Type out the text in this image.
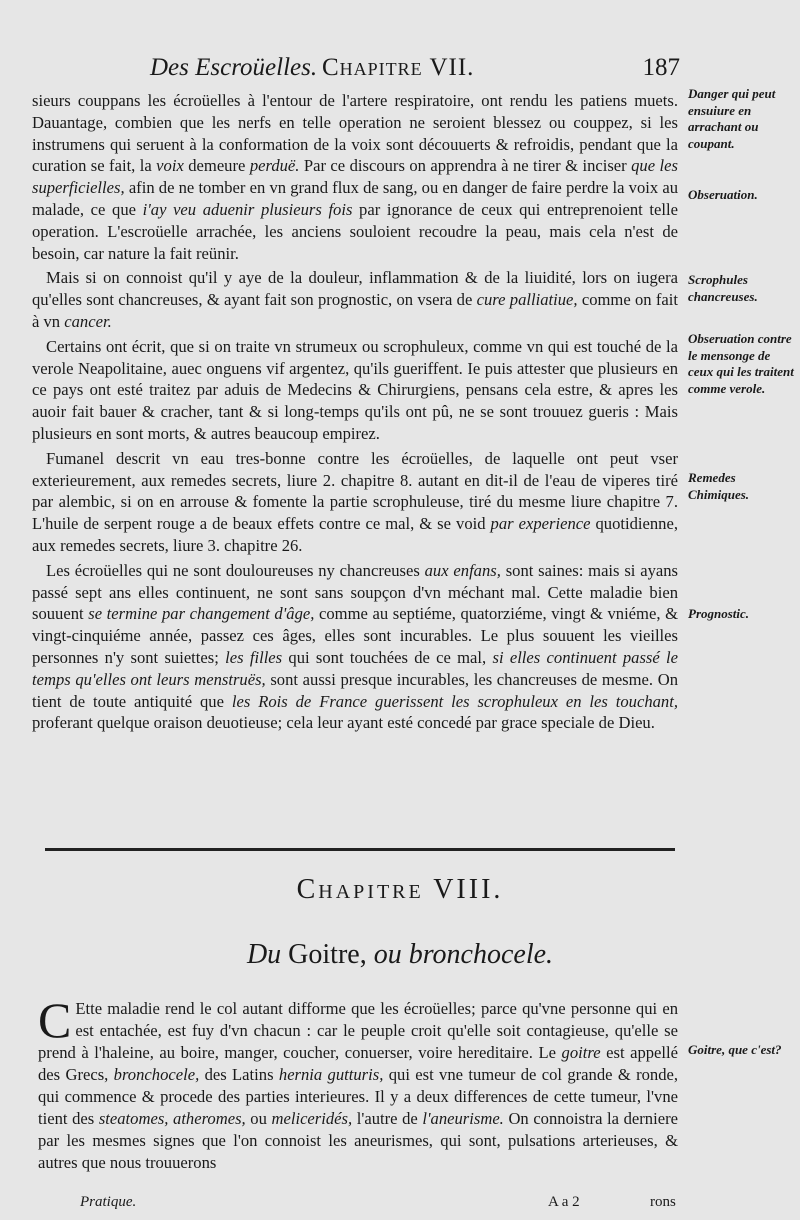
Des Escroüelles. Chapitre VII.	187

sieurs couppans les écroüelles à l'entour de l'artere respiratoire, ont rendu les patiens muets. Dauantage, combien que les nerfs en telle operation ne seroient blessez ou couppez, si les instrumens qui seruent à la conformation de la voix sont découuerts & refroidis, pendant que la curation se fait, la voix demeure perduë. Par ce discours on apprendra à ne tirer & inciser que les superficielles, afin de ne tomber en vn grand flux de sang, ou en danger de faire perdre la voix au malade, ce que i'ay veu aduenir plusieurs fois par ignorance de ceux qui entreprenoient telle operation. L'escroüelle arrachée, les anciens souloient recoudre la peau, mais cela n'est de besoin, car nature la fait reünir.

Mais si on connoist qu'il y aye de la douleur, inflammation & de la liuidité, lors on iugera qu'elles sont chancreuses, & ayant fait son prognostic, on vsera de cure palliatiue, comme on fait à vn cancer.

Certains ont écrit, que si on traite vn strumeux ou scrophuleux, comme vn qui est touché de la verole Neapolitaine, auec onguens vif argentez, qu'ils gueriffent. Ie puis attester que plusieurs en ce pays ont esté traitez par aduis de Medecins & Chirurgiens, pensans cela estre, & apres les auoir fait bauer & cracher, tant & si long-temps qu'ils ont pû, ne se sont trouuez gueris : Mais plusieurs en sont morts, & autres beaucoup empirez.

Fumanel descrit vn eau tres-bonne contre les écroüelles, de laquelle ont peut vser exterieurement, aux remedes secrets, liure 2. chapitre 8. autant en dit-il de l'eau de viperes tiré par alembic, si on en arrouse & fomente la partie scrophuleuse, tiré du mesme liure chapitre 7. L'huile de serpent rouge a de beaux effets contre ce mal, & se void par experience quotidienne, aux remedes secrets, liure 3. chapitre 26.

Les écroüelles qui ne sont douloureuses ny chancreuses aux enfans, sont saines: mais si ayans passé sept ans elles continuent, ne sont sans soupçon d'vn méchant mal. Cette maladie bien souuent se termine par changement d'âge, comme au septiéme, quatorziéme, vingt & vniéme, & vingt-cinquiéme année, passez ces âges, elles sont incurables. Le plus souuent les vieilles personnes n'y sont suiettes; les filles qui sont touchées de ce mal, si elles continuent passé le temps qu'elles ont leurs menstruës, sont aussi presque incurables, les chancreuses de mesme. On tient de toute antiquité que les Rois de France guerissent les scrophuleux en les touchant, proferant quelque oraison deuotieuse; cela leur ayant esté concedé par grace speciale de Dieu.

Danger qui peut ensuiure en arrachant ou coupant.
Obseruation.
Scrophules chancreuses.
Obseruation contre le mensonge de ceux qui les traitent comme verole.
Remedes Chimiques.
Prognostic.
Goitre, que c'est?
Chapitre VIII.
Du Goitre, ou bronchocele.

C Ette maladie rend le col autant difforme que les écroüelles; parce qu'vne personne qui en est entachée, est fuy d'vn chacun : car le peuple croit qu'elle soit contagieuse, qu'elle se prend à l'haleine, au boire, manger, coucher, conuerser, voire hereditaire. Le goitre est appellé des Grecs, bronchocele, des Latins hernia gutturis, qui est vne tumeur de col grande & ronde, qui commence & procede des parties interieures. Il y a deux differences de cette tumeur, l'vne tient des steatomes, atheromes, ou meliceridés, l'autre de l'aneurisme. On connoistra la derniere par les mesmes signes que l'on connoist les aneurismes, qui sont, pulsations arterieuses, & autres que nous trouuerons

Pratique.	A a 2	rons
